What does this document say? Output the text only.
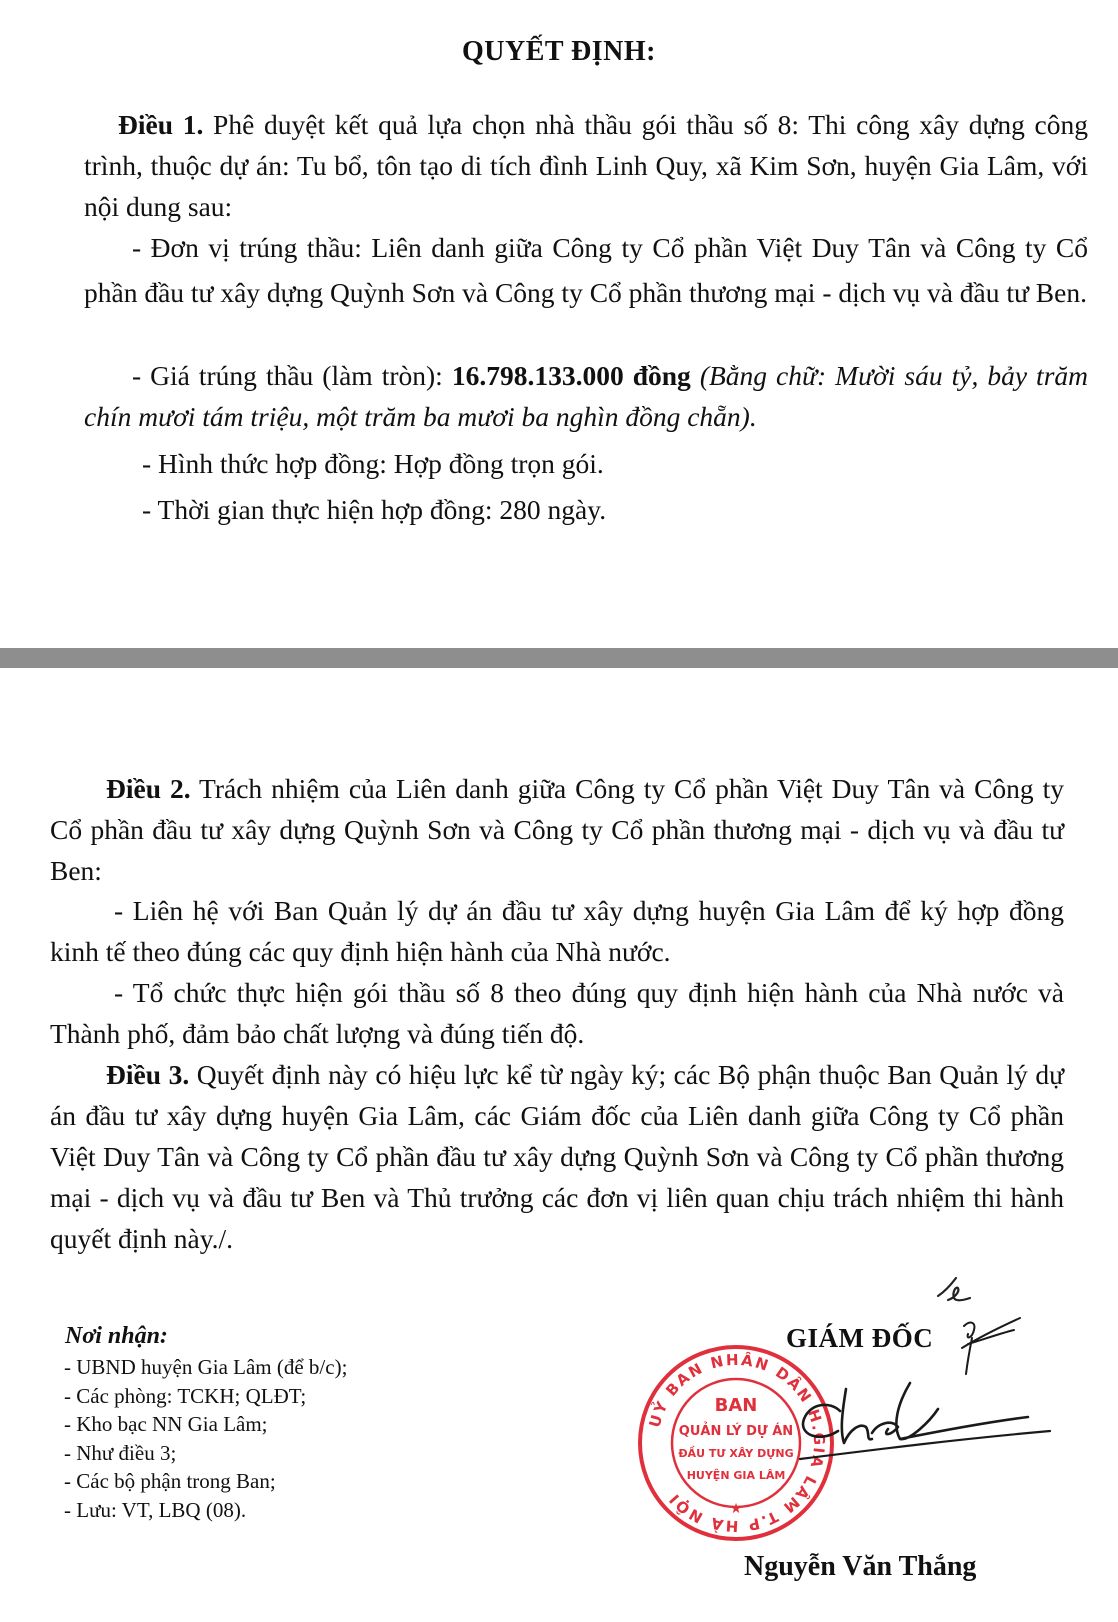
QUYẾT ĐỊNH:
Điều 1. Phê duyệt kết quả lựa chọn nhà thầu gói thầu số 8: Thi công xây dựng công trình, thuộc dự án: Tu bổ, tôn tạo di tích đình Linh Quy, xã Kim Sơn, huyện Gia Lâm, với nội dung sau:
- Đơn vị trúng thầu: Liên danh giữa Công ty Cổ phần Việt Duy Tân và Công ty Cổ phần đầu tư xây dựng Quỳnh Sơn và Công ty Cổ phần thương mại - dịch vụ và đầu tư Ben.
- Giá trúng thầu (làm tròn): 16.798.133.000 đồng (Bằng chữ: Mười sáu tỷ, bảy trăm chín mươi tám triệu, một trăm ba mươi ba nghìn đồng chẵn).
- Hình thức hợp đồng: Hợp đồng trọn gói.
- Thời gian thực hiện hợp đồng: 280 ngày.
Điều 2. Trách nhiệm của Liên danh giữa Công ty Cổ phần Việt Duy Tân và Công ty Cổ phần đầu tư xây dựng Quỳnh Sơn và Công ty Cổ phần thương mại - dịch vụ và đầu tư Ben:
- Liên hệ với Ban Quản lý dự án đầu tư xây dựng huyện Gia Lâm để ký hợp đồng kinh tế theo đúng các quy định hiện hành của Nhà nước.
- Tổ chức thực hiện gói thầu số 8 theo đúng quy định hiện hành của Nhà nước và Thành phố, đảm bảo chất lượng và đúng tiến độ.
Điều 3. Quyết định này có hiệu lực kể từ ngày ký; các Bộ phận thuộc Ban Quản lý dự án đầu tư xây dựng huyện Gia Lâm, các Giám đốc của Liên danh giữa Công ty Cổ phần Việt Duy Tân và Công ty Cổ phần đầu tư xây dựng Quỳnh Sơn và Công ty Cổ phần thương mại - dịch vụ và đầu tư Ben và Thủ trưởng các đơn vị liên quan chịu trách nhiệm thi hành quyết định này./.
Nơi nhận:
- UBND huyện Gia Lâm (để b/c);
- Các phòng: TCKH; QLĐT;
- Kho bạc NN Gia Lâm;
- Như điều 3;
- Các bộ phận trong Ban;
- Lưu: VT, LBQ (08).
GIÁM ĐỐC
UỶ BAN NHÂN DÂN H.GIA LÂM T.P HÀ NỘI
BAN
QUẢN LÝ DỰ ÁN
ĐẦU TƯ XÂY DỰNG
HUYỆN GIA LÂM
★
Nguyễn Văn Thắng
